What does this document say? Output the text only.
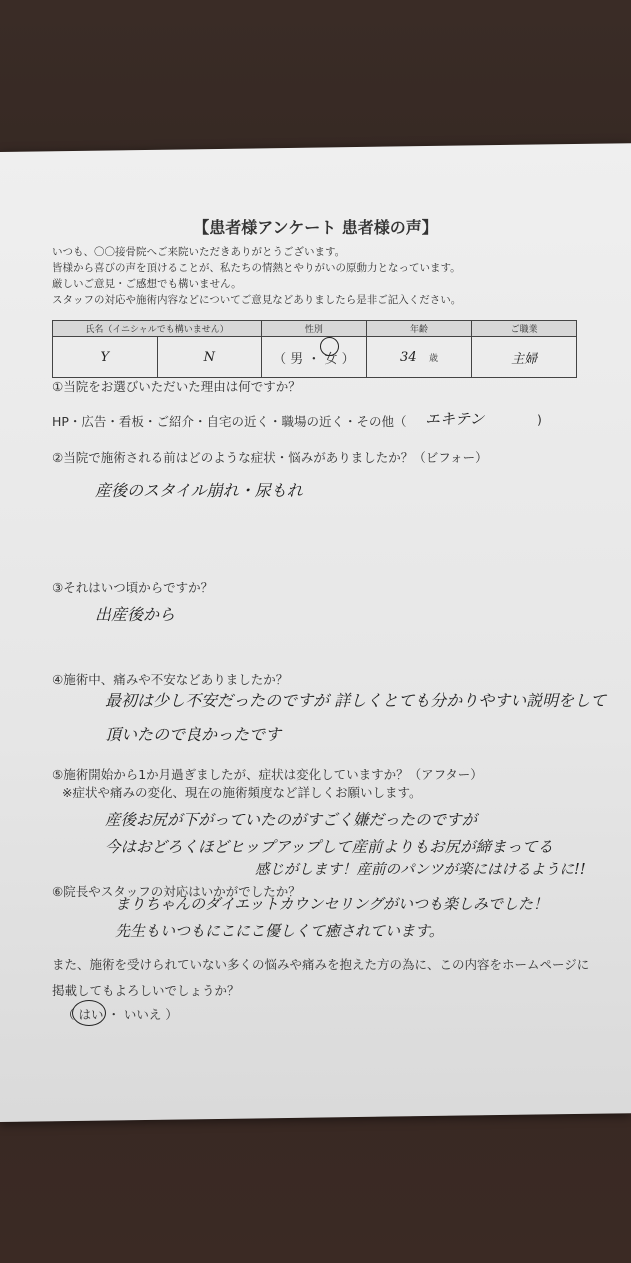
【患者様アンケート 患者様の声】
いつも、〇〇接骨院へご来院いただきありがとうございます。
皆様から喜びの声を頂けることが、私たちの情熱とやりがいの原動力となっています。
厳しいご意見・ご感想でも構いません。
スタッフの対応や施術内容などについてご意見などありましたら是非ご記入ください。
氏名（イニシャルでも構いません）		性別	年齢	ご職業
Y	N	（ 男 ・ 女 ）	34 歳	主婦
①当院をお選びいただいた理由は何ですか？
HP・広告・看板・ご紹介・自宅の近く・職場の近く・その他（ エキテン	)
②当院で施術される前はどのような症状・悩みがありましたか？（ビフォー）
産後のスタイル崩れ・尿もれ
③それはいつ頃からですか？
出産後から
④施術中、痛みや不安などありましたか？
最初は少し不安だったのですが 詳しくとても分かりやすい説明をして
頂いたので良かったです
⑤施術開始から1か月過ぎましたが、症状は変化していますか？（アフター）
※症状や痛みの変化、現在の施術頻度など詳しくお願いします。
産後お尻が下がっていたのがすごく嫌だったのですが
今はおどろくほどヒップアップして産前よりもお尻が締まってる
感じがします！産前のパンツが楽にはけるように!!
⑥院長やスタッフの対応はいかがでしたか？
まりちゃんのダイエットカウンセリングがいつも楽しみでした！
先生もいつもにこにこ優しくて癒されています。
また、施術を受けられていない多くの悩みや痛みを抱えた方の為に、この内容をホームページに
掲載してもよろしいでしょうか？
（ はい ・ いいえ ）
